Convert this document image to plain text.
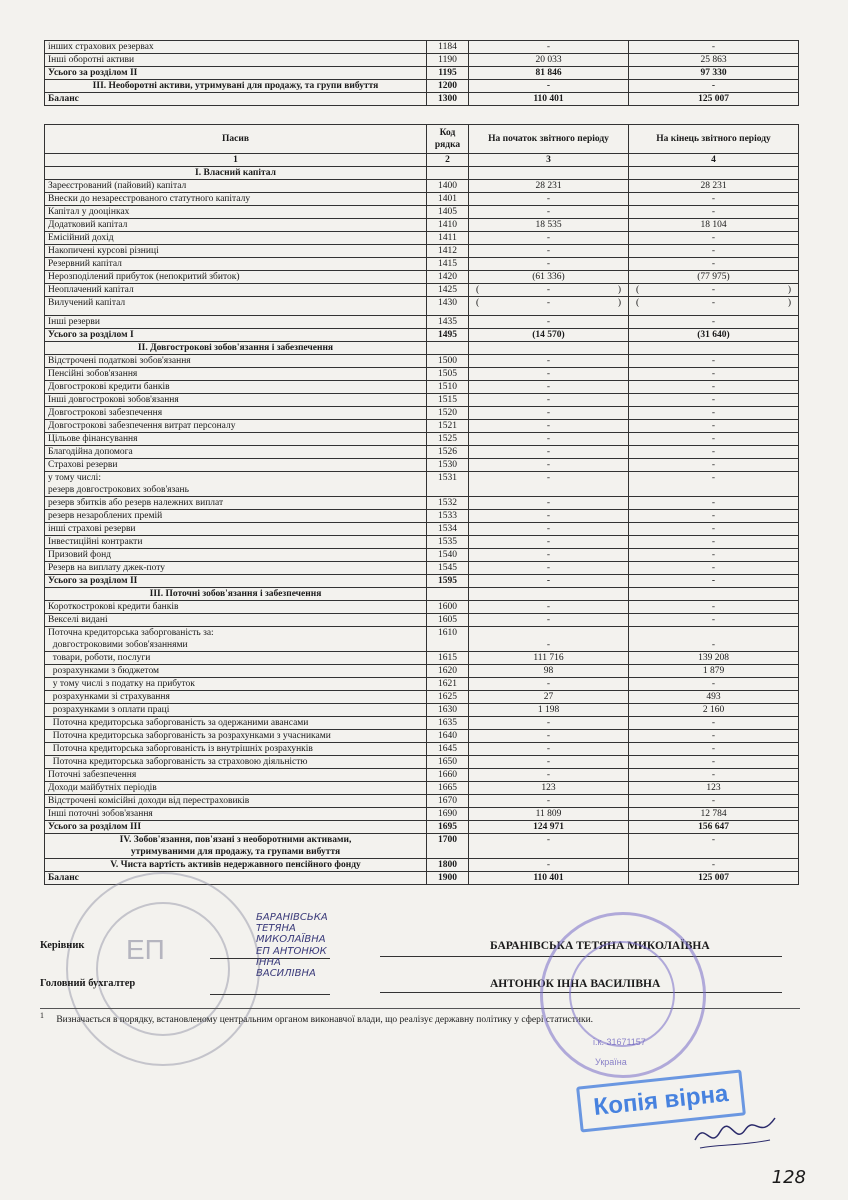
інших страхових резервах	1184	-	-
Інші оборотні активи	1190	20 033	25 863
Усього за розділом II	1195	81 846	97 330
III. Необоротні активи, утримувані для продажу, та групи вибуття	1200	-	-
Баланс	1300	110 401	125 007
Пасив	Код рядка	На початок звітного періоду	На кінець звітного періоду
1	2	3	4
I. Власний капітал			

Зареєстрований (пайовий) капітал	1400	28 231	28 231

Внески до незареєстрованого статутного капіталу	1401	-	-

Капітал у дооцінках	1405	-	-

Додатковий капітал	1410	18 535	18 104

Емісійний дохід	1411	-	-

Накопичені курсові різниці	1412	-	-

Резервний капітал	1415	-	-

Нерозподілений прибуток (непокритий збиток)	1420	(61 336)	(77 975)

Неоплачений капітал	1425	( - )	( - )

Вилучений капітал	1430	( - )	( - )

Інші резерви	1435	-	-

Усього за розділом I	1495	(14 570)	(31 640)
II. Довгострокові зобов'язання і забезпечення			

Відстрочені податкові зобов'язання	1500	-	-

Пенсійні зобов'язання	1505	-	-

Довгострокові кредити банків	1510	-	-

Інші довгострокові зобов'язання	1515	-	-

Довгострокові забезпечення	1520	-	-

Довгострокові забезпечення витрат персоналу	1521	-	-

Цільове фінансування	1525	-	-

Благодійна допомога	1526	-	-

Страхові резерви	1530	-	-

у тому числі:
резерв довгострокових зобов'язань	1531	-	-

резерв збитків або резерв належних виплат	1532	-	-

резерв незароблених премій	1533	-	-

інші страхові резерви	1534	-	-

Інвестиційні контракти	1535	-	-

Призовий фонд	1540	-	-

Резерв на виплату джек-поту	1545	-	-

Усього за розділом II	1595	-	-
III. Поточні зобов'язання і забезпечення			

Короткострокові кредити банків	1600	-	-

Векселі видані	1605	-	-

Поточна кредиторська заборгованість за:
довгостроковими зобов'язаннями	1610	-	-

товари, роботи, послуги	1615	111 716	139 208

розрахунками з бюджетом	1620	98	1 879

у тому числі з податку на прибуток	1621	-	-

розрахунками зі страхування	1625	27	493

розрахунками з оплати праці	1630	1 198	2 160

Поточна кредиторська заборгованість за одержаними авансами	1635	-	-

Поточна кредиторська заборгованість за розрахунками з учасниками	1640	-	-

Поточна кредиторська заборгованість із внутрішніх розрахунків	1645	-	-

Поточна кредиторська заборгованість за страховою діяльністю	1650	-	-

Поточні забезпечення	1660	-	-

Доходи майбутніх періодів	1665	123	123

Відстрочені комісійні доходи від перестраховиків	1670	-	-

Інші поточні зобов'язання	1690	11 809	12 784

Усього за розділом III	1695	124 971	156 647

IV. Зобов'язання, пов'язані з необоротними активами,
утримуваними для продажу, та групами вибуття	1700	-	-

V. Чиста вартість активів недержавного пенсійного фонду	1800	-	-

Баланс	1900	110 401	125 007
ЕП
Керівник	БАРАНІВСЬКА ТЕТЯНА МИКОЛАЇВНА
БАРАНІВСЬКА
ТЕТЯНА
МИКОЛАЇВНА
ЕП АНТОНЮК
ІННА
ВАСИЛІВНА
Головний бухгалтер	АНТОНЮК ІННА ВАСИЛІВНА
$^1$ Визначається в порядку, встановленому центральним органом виконавчої влади, що реалізує державну політику у сфері статистики.
і.к. 31671157
Україна
Копія вірна
128
